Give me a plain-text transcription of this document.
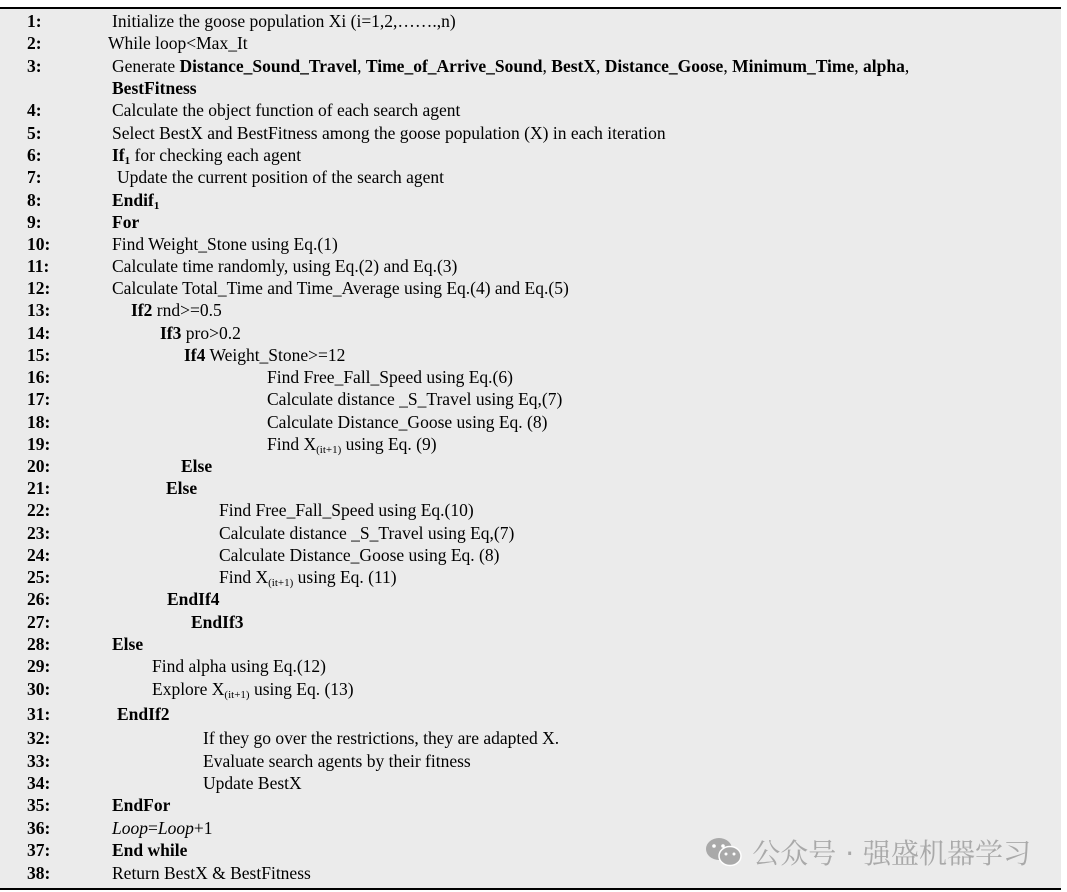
1:	Initialize the goose population Xi (i=1,2,…….,n)
2:	While loop<Max_It
3:	Generate Distance_Sound_Travel, Time_of_Arrive_Sound, BestX, Distance_Goose, Minimum_Time, alpha,
BestFitness
4:	Calculate the object function of each search agent
5:	Select BestX and BestFitness among the goose population (X) in each iteration
6:	$If_1$ for checking each agent
7:	Update the current position of the search agent
8:	Endif$_1$
9:	For
10:	Find Weight_Stone using Eq.(1)
11:	Calculate time randomly, using Eq.(2) and Eq.(3)
12:	Calculate Total_Time and Time_Average using Eq.(4) and Eq.(5)
13:	If2 rnd>=0.5
14:	If3 pro>0.2
15:	If4 Weight_Stone>=12
16:	Find Free_Fall_Speed using Eq.(6)
17:	Calculate distance _S_Travel using Eq,(7)
18:	Calculate Distance_Goose using Eq. (8)
19:	Find $X_{(it+1)}$ using Eq. (9)
20:	Else
21:	Else
22:	Find Free_Fall_Speed using Eq.(10)
23:	Calculate distance _S_Travel using Eq,(7)
24:	Calculate Distance_Goose using Eq. (8)
25:	Find $X_{(it+1)}$ using Eq. (11)
26:	EndIf4
27:	EndIf3
28:	Else
29:	Find alpha using Eq.(12)
30:	Explore $X_{(it+1)}$ using Eq. (13)
31:	EndIf2
32:	If they go over the restrictions, they are adapted X.
33:	Evaluate search agents by their fitness
34:	Update BestX
35:	EndFor
36:	Loop=Loop+1
37:	End while
38:	Return BestX & BestFitness
公众号 · 强盛机器学习
